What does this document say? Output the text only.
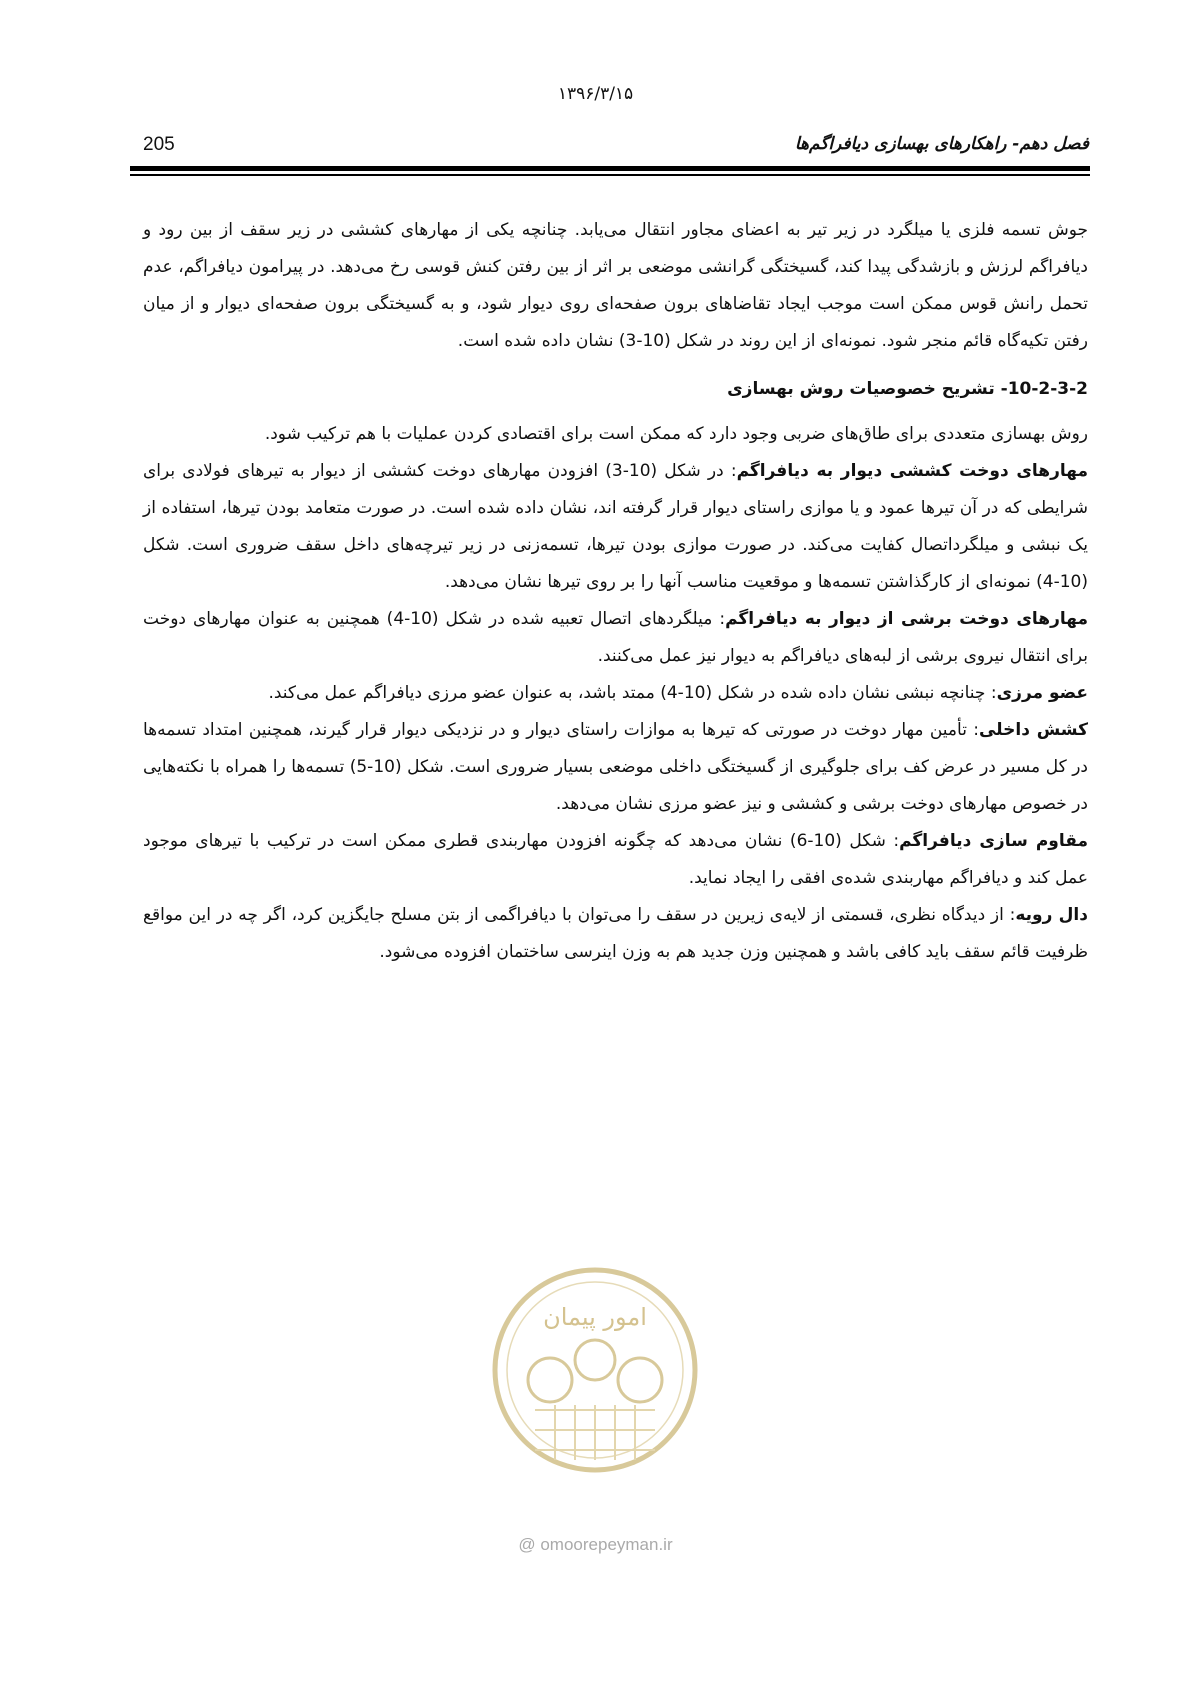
۱۳۹۶/۳/۱۵
205	فصل دهم- راهکارهای بهسازی دیافراگم‌ها

جوش تسمه فلزی یا میلگرد در زیر تیر به اعضای مجاور انتقال می‌یابد. چنانچه یکی از مهارهای کششی در زیر سقف از بین رود و دیافراگم لرزش و بازشدگی پیدا کند، گسیختگی گرانشی موضعی بر اثر از بین رفتن کنش قوسی رخ می‌دهد. در پیرامون دیافراگم، عدم تحمل رانش قوس ممکن است موجب ایجاد تقاضاهای برون صفحه‌ای روی دیوار شود، و به گسیختگی برون صفحه‌ای دیوار و از میان رفتن تکیه‌گاه قائم منجر شود. نمونه‌ای از این روند در شکل (10-3) نشان داده شده است.

10-2-3-2- تشریح خصوصیات روش بهسازی

روش بهسازی متعددی برای طاق‌های ضربی وجود دارد که ممکن است برای اقتصادی کردن عملیات با هم ترکیب شود.

مهارهای دوخت کششی دیوار به دیافراگم: در شکل (10-3) افزودن مهارهای دوخت کششی از دیوار به تیرهای فولادی برای شرایطی که در آن تیرها عمود و یا موازی راستای دیوار قرار گرفته اند، نشان داده شده است. در صورت متعامد بودن تیرها، استفاده از یک نبشی و میلگرداتصال کفایت می‌کند. در صورت موازی بودن تیرها، تسمه‌زنی در زیر تیرچه‌های داخل سقف ضروری است. شکل (10-4) نمونه‌ای از کارگذاشتن تسمه‌ها و موقعیت مناسب آنها را بر روی تیرها نشان می‌دهد.

مهارهای دوخت برشی از دیوار به دیافراگم: میلگردهای اتصال تعبیه شده در شکل (10-4) همچنین به عنوان مهارهای دوخت برای انتقال نیروی برشی از لبه‌های دیافراگم به دیوار نیز عمل می‌کنند.

عضو مرزی: چنانچه نبشی نشان داده شده در شکل (10-4) ممتد باشد، به عنوان عضو مرزی دیافراگم عمل می‌کند.

کشش داخلی: تأمین مهار دوخت در صورتی که تیرها به موازات راستای دیوار و در نزدیکی دیوار قرار گیرند، همچنین امتداد تسمه‌ها در کل مسیر در عرض کف برای جلوگیری از گسیختگی داخلی موضعی بسیار ضروری است. شکل (10-5) تسمه‌ها را همراه با نکته‌هایی در خصوص مهارهای دوخت برشی و کششی و نیز عضو مرزی نشان می‌دهد.

مقاوم سازی دیافراگم: شکل (10-6) نشان می‌دهد که چگونه افزودن مهاربندی قطری ممکن است در ترکیب با تیرهای موجود عمل کند و دیافراگم مهاربندی شده‌ی افقی را ایجاد نماید.

دال رویه: از دیدگاه نظری، قسمتی از لایه‌ی زیرین در سقف را می‌توان با دیافراگمی از بتن مسلح جایگزین کرد، اگر چه در این مواقع ظرفیت قائم سقف باید کافی باشد و همچنین وزن جدید هم به وزن اینرسی ساختمان افزوده می‌شود.

امور پیمان
@ omoorepeyman.ir
